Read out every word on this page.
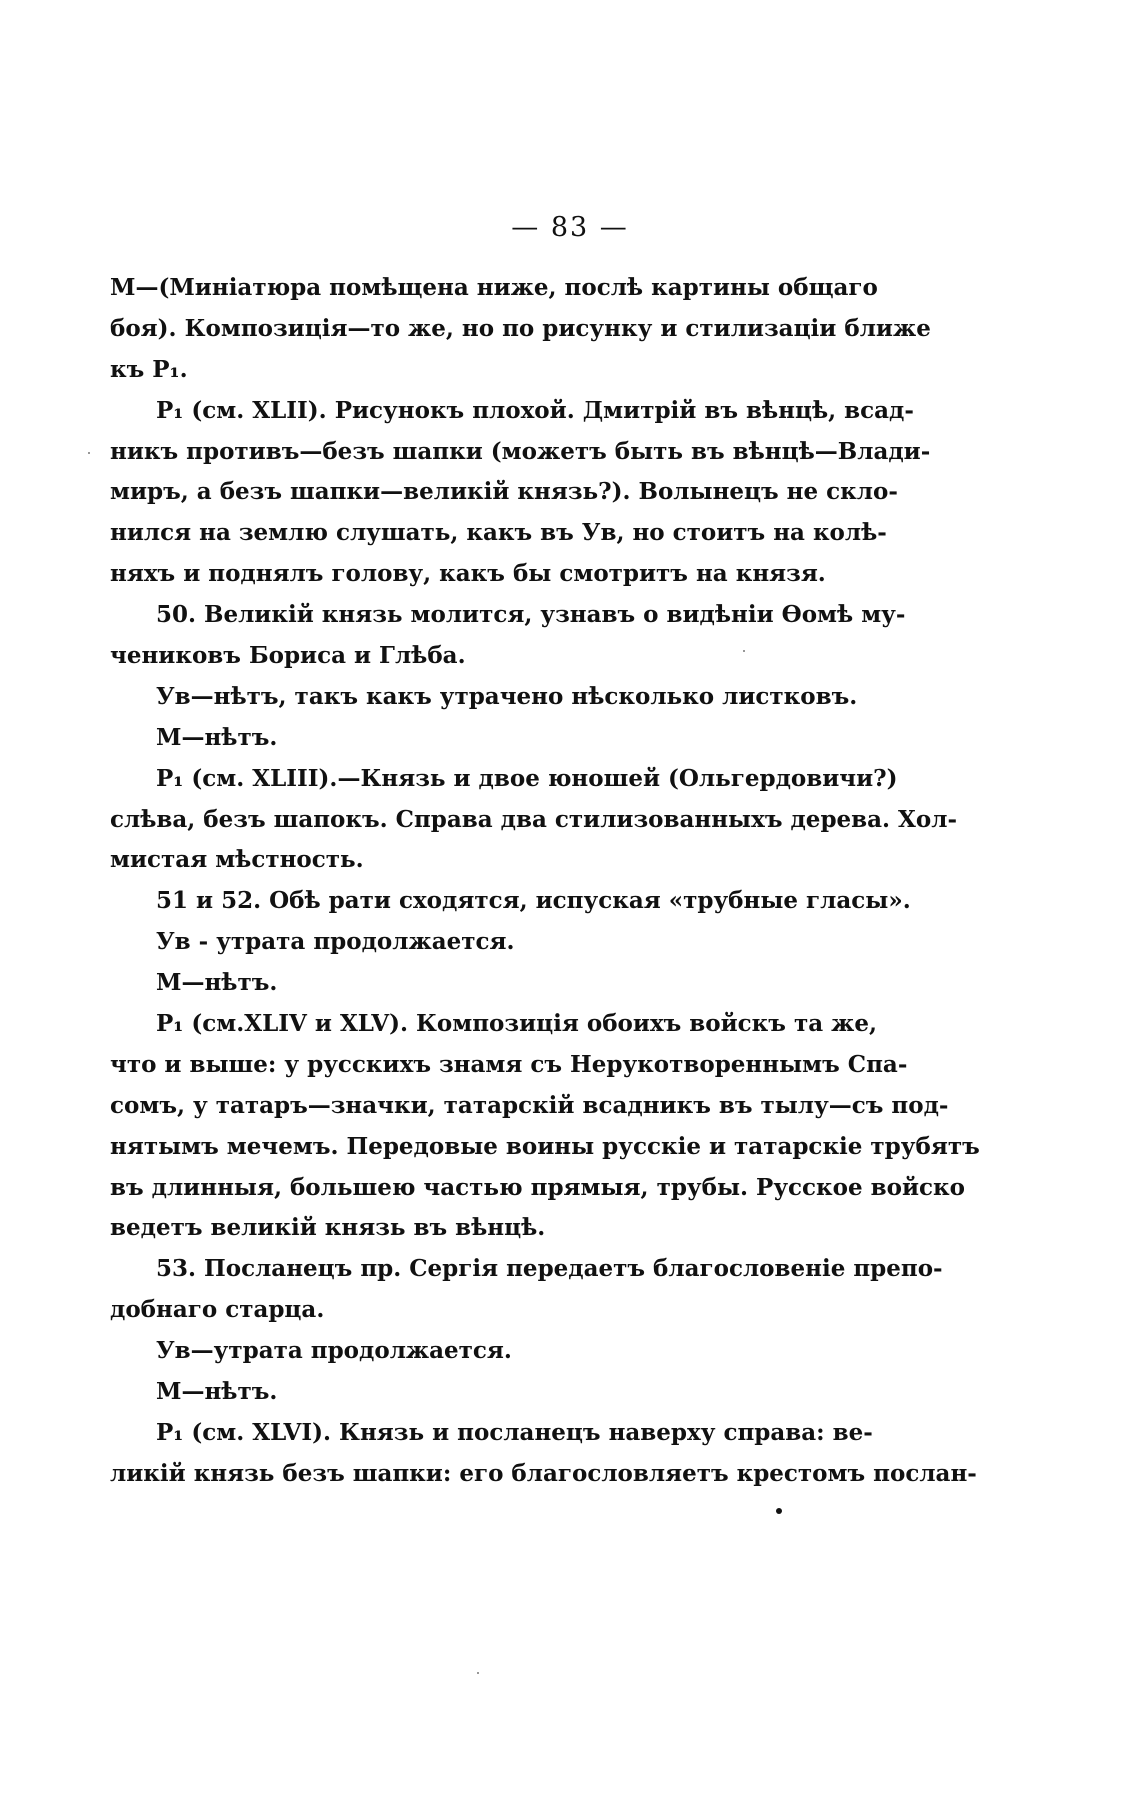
— 83 —
М—(Миніатюра помѣщена ниже, послѣ картины общаго
боя). Композиція—то же, но по рисунку и стилизаціи ближе
къ P₁.
P₁ (см. XLII). Рисунокъ плохой. Дмитрій въ вѣнцѣ, всад-
никъ противъ—безъ шапки (можетъ быть въ вѣнцѣ—Влади-
миръ, а безъ шапки—великій князь?). Волынецъ не скло-
нился на землю слушать, какъ въ Ув, но стоитъ на колѣ-
няхъ и поднялъ голову, какъ бы смотритъ на князя.
50. Великій князь молится, узнавъ о видѣніи Ѳомѣ му-
чениковъ Бориса и Глѣба.
Ув—нѣтъ, такъ какъ утрачено нѣсколько листковъ.
М—нѣтъ.
P₁ (см. XLIII).—Князь и двое юношей (Ольгердовичи?)
слѣва, безъ шапокъ. Справа два стилизованныхъ дерева. Хол-
мистая мѣстность.
51 и 52. Обѣ рати сходятся, испуская «трубные гласы».
Ув - утрата продолжается.
М—нѣтъ.
P₁ (см.XLIV и XLV). Композиція обоихъ войскъ та же,
что и выше: у русскихъ знамя съ Нерукотвореннымъ Спа-
сомъ, у татаръ—значки, татарскій всадникъ въ тылу—съ под-
нятымъ мечемъ. Передовые воины русскіе и татарскіе трубятъ
въ длинныя, большею частью прямыя, трубы. Русское войско
ведетъ великій князь въ вѣнцѣ.
53. Посланецъ пр. Сергія передаетъ благословеніе препо-
добнаго старца.
Ув—утрата продолжается.
М—нѣтъ.
P₁ (см. XLVI). Князь и посланецъ наверху справа: ве-
ликій князь безъ шапки: его благословляетъ крестомъ послан-
